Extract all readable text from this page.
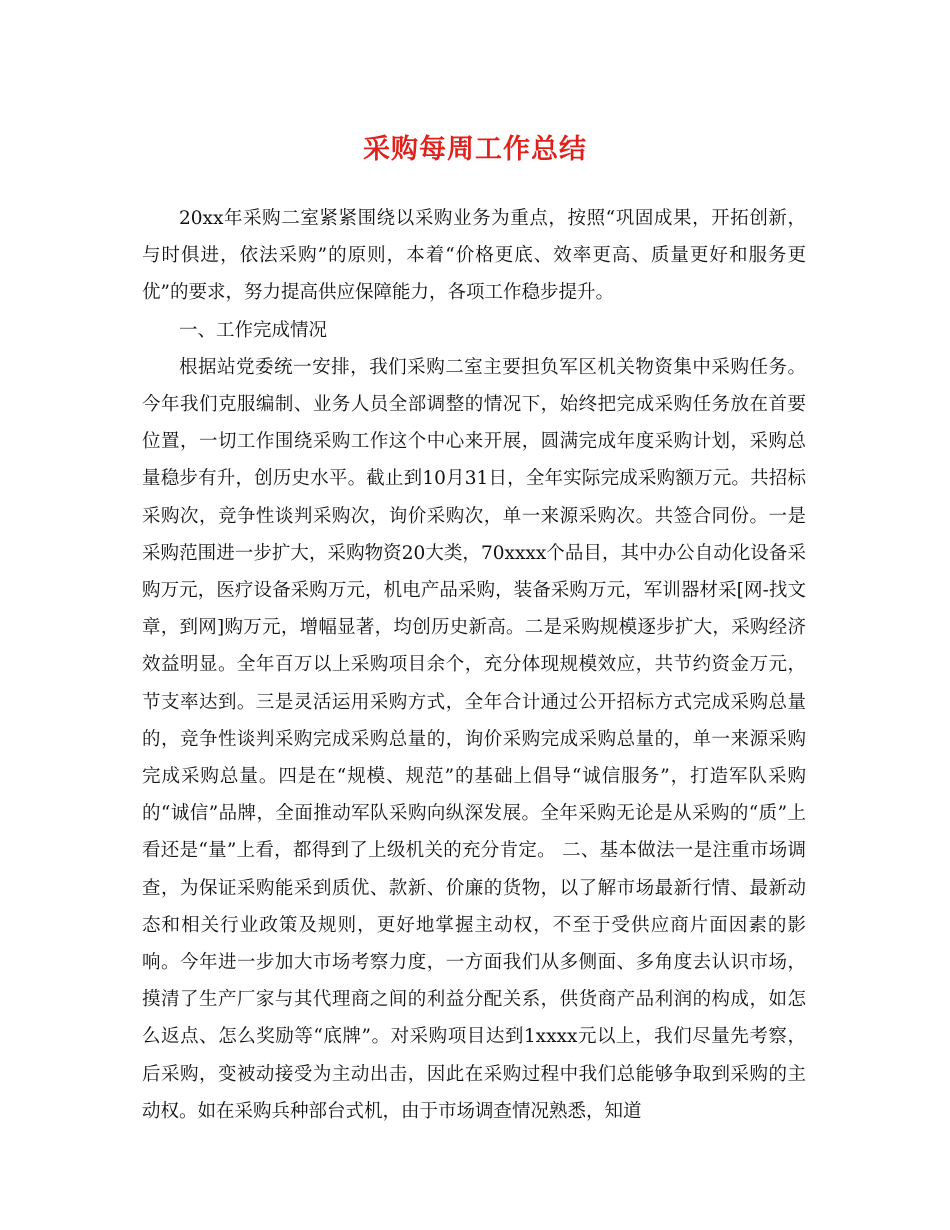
采购每周工作总结

20xx年采购二室紧紧围绕以采购业务为重点，按照“巩固成果，开拓创新，与时俱进，依法采购”的原则，本着“价格更底、效率更高、质量更好和服务更优”的要求，努力提高供应保障能力，各项工作稳步提升。

一、工作完成情况

根据站党委统一安排，我们采购二室主要担负军区机关物资集中采购任务。今年我们克服编制、业务人员全部调整的情况下，始终把完成采购任务放在首要位置，一切工作围绕采购工作这个中心来开展，圆满完成年度采购计划，采购总量稳步有升，创历史水平。截止到10月31日，全年实际完成采购额万元。共招标采购次，竞争性谈判采购次，询价采购次，单一来源采购次。共签合同份。一是采购范围进一步扩大，采购物资20大类，70xxxx个品目，其中办公自动化设备采购万元，医疗设备采购万元，机电产品采购，装备采购万元，军训器材采[网-找文章，到网]购万元，增幅显著，均创历史新高。二是采购规模逐步扩大，采购经济效益明显。全年百万以上采购项目余个，充分体现规模效应，共节约资金万元，节支率达到。三是灵活运用采购方式，全年合计通过公开招标方式完成采购总量的，竞争性谈判采购完成采购总量的，询价采购完成采购总量的，单一来源采购完成采购总量。四是在“规模、规范”的基础上倡导“诚信服务”，打造军队采购的“诚信”品牌，全面推动军队采购向纵深发展。全年采购无论是从采购的“质”上看还是“量”上看，都得到了上级机关的充分肯定。 二、基本做法一是注重市场调查，为保证采购能采到质优、款新、价廉的货物，以了解市场最新行情、最新动态和相关行业政策及规则，更好地掌握主动权，不至于受供应商片面因素的影响。今年进一步加大市场考察力度，一方面我们从多侧面、多角度去认识市场，摸清了生产厂家与其代理商之间的利益分配关系，供货商产品利润的构成，如怎么返点、怎么奖励等“底牌”。对采购项目达到1xxxx元以上，我们尽量先考察，后采购，变被动接受为主动出击，因此在采购过程中我们总能够争取到采购的主动权。如在采购兵种部台式机，由于市场调查情况熟悉，知道
